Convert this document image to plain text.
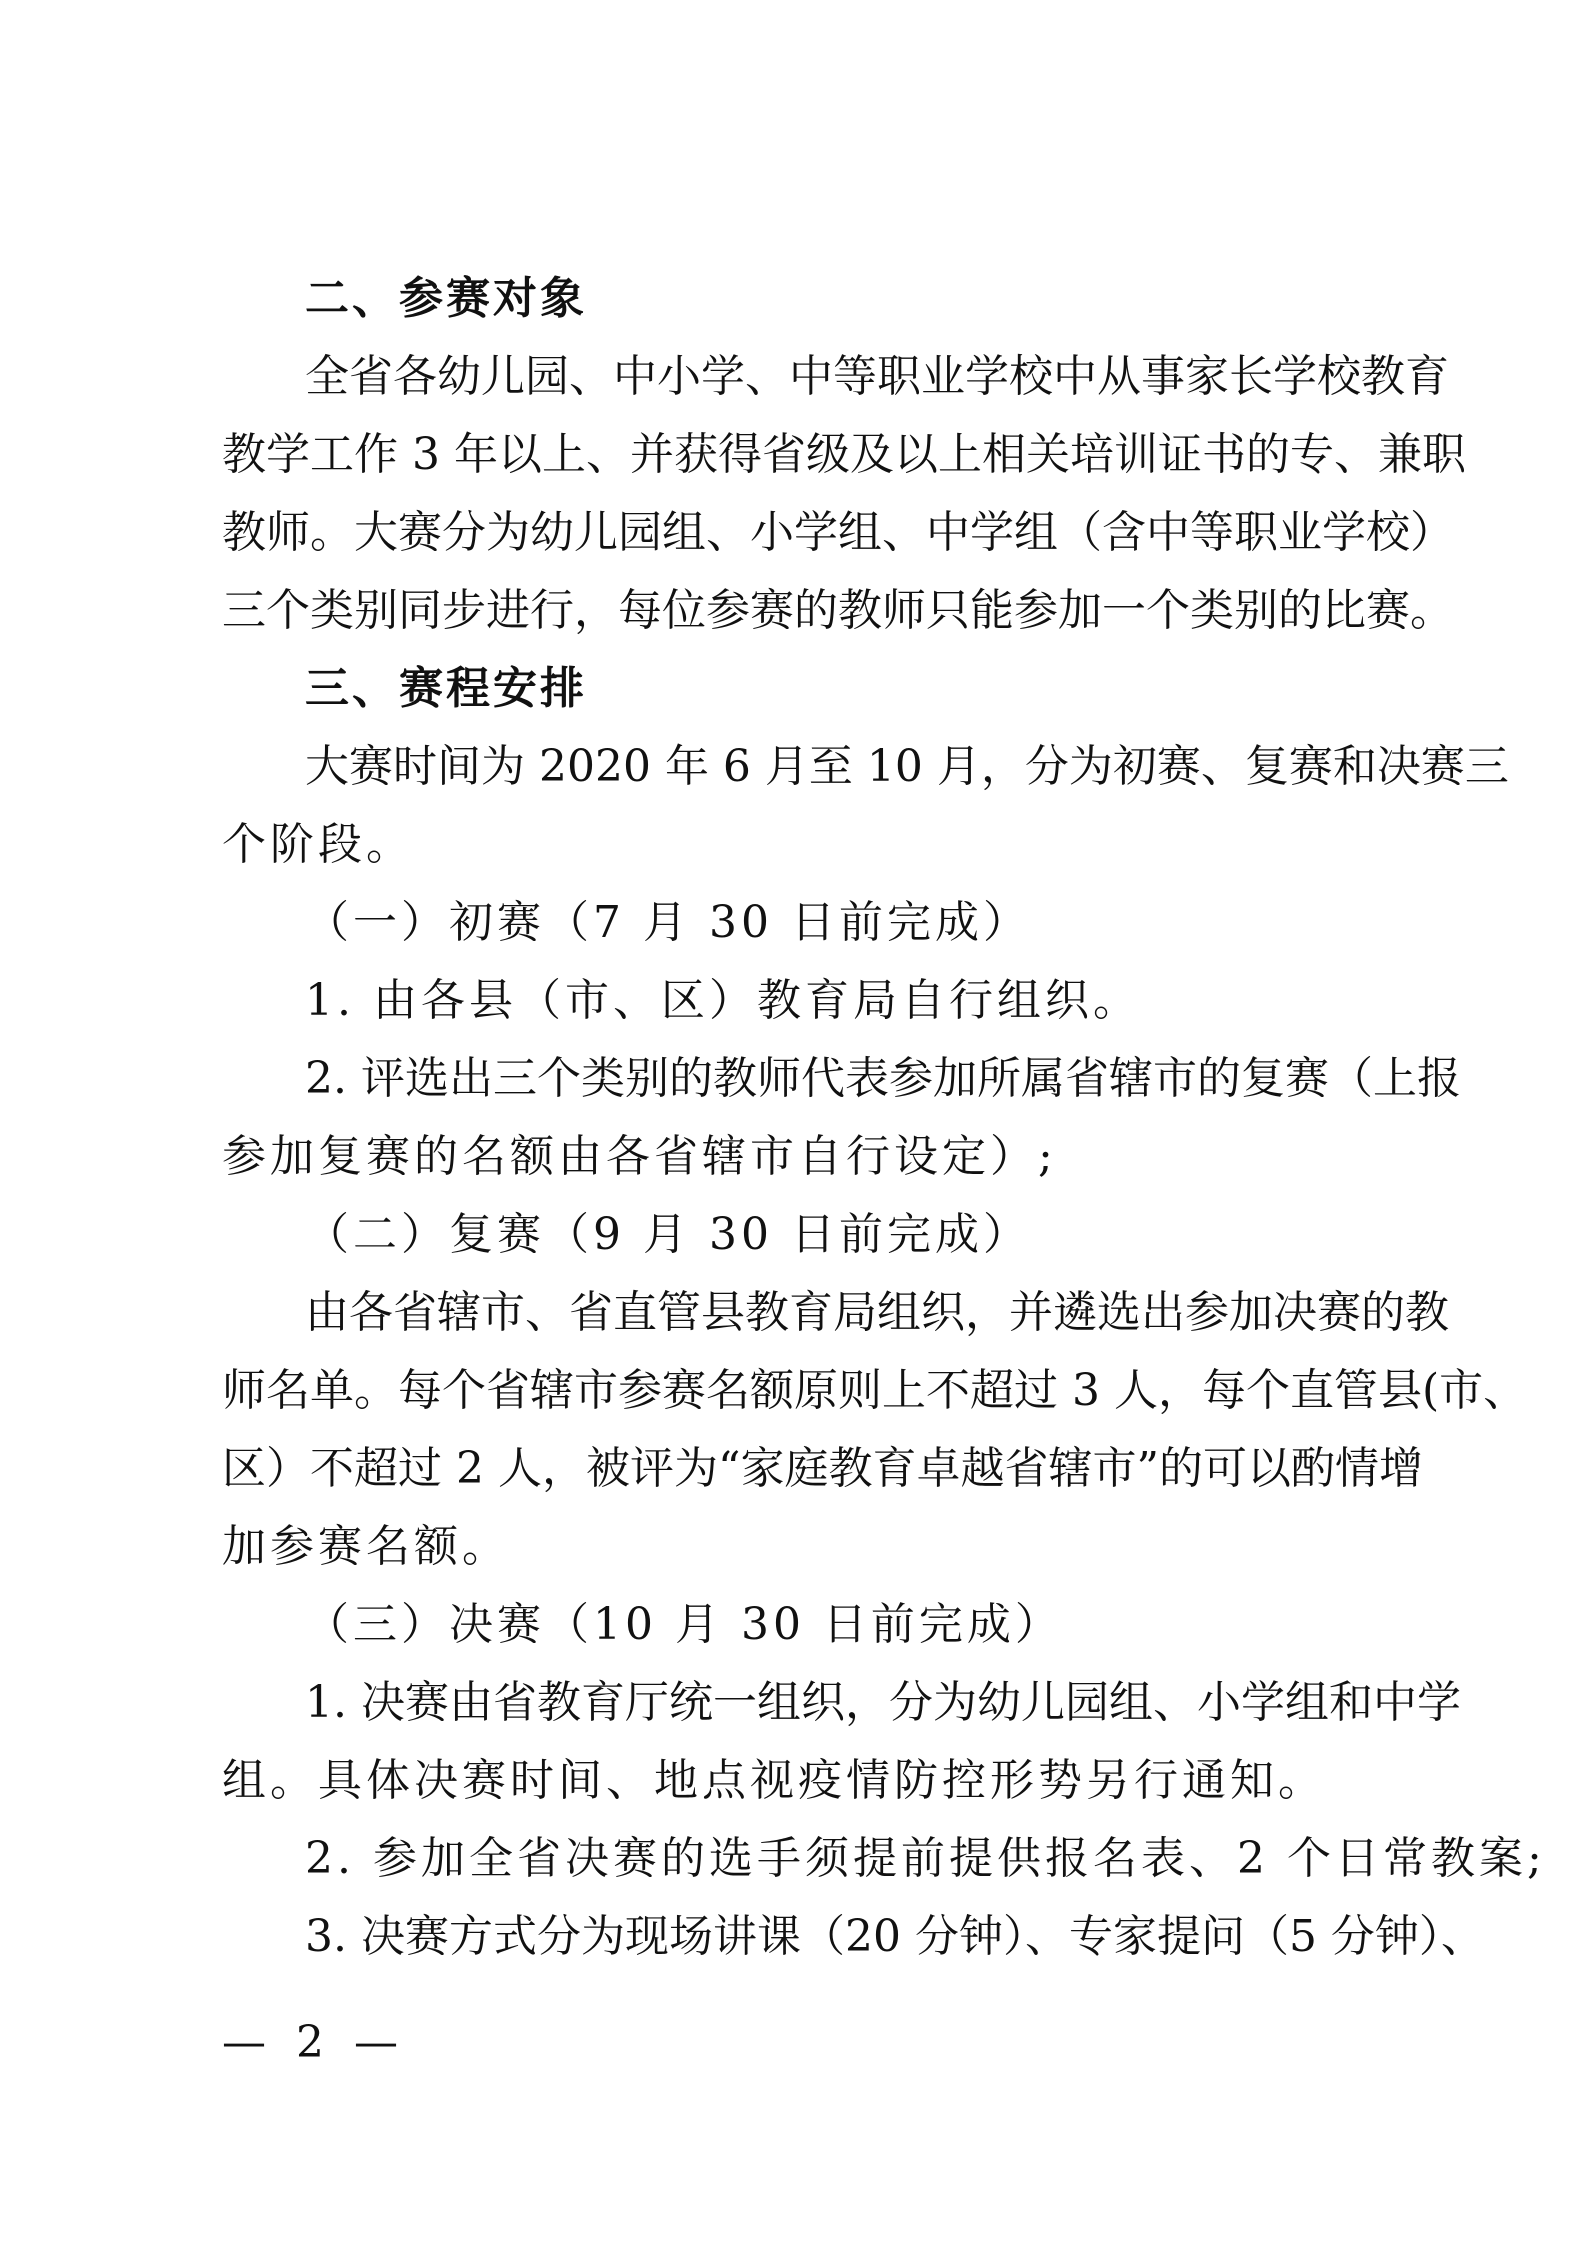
二、参赛对象
全省各幼儿园、中小学、中等职业学校中从事家长学校教育
教学工作 3 年以上、并获得省级及以上相关培训证书的专、兼职
教师。大赛分为幼儿园组、小学组、中学组（含中等职业学校）
三个类别同步进行，每位参赛的教师只能参加一个类别的比赛。
三、赛程安排
大赛时间为 2020 年 6 月至 10 月，分为初赛、复赛和决赛三
个阶段。
（一）初赛（7 月 30 日前完成）
1. 由各县（市、区）教育局自行组织。
2. 评选出三个类别的教师代表参加所属省辖市的复赛（上报
参加复赛的名额由各省辖市自行设定）;
（二）复赛（9 月 30 日前完成）
由各省辖市、省直管县教育局组织，并遴选出参加决赛的教
师名单。每个省辖市参赛名额原则上不超过 3 人，每个直管县(市、
区）不超过 2 人，被评为“家庭教育卓越省辖市”的可以酌情增
加参赛名额。
（三）决赛（10 月 30 日前完成）
1. 决赛由省教育厅统一组织，分为幼儿园组、小学组和中学
组。具体决赛时间、地点视疫情防控形势另行通知。
2. 参加全省决赛的选手须提前提供报名表、2 个日常教案;
3. 决赛方式分为现场讲课（20 分钟）、专家提问（5 分钟）、
— 2 —
